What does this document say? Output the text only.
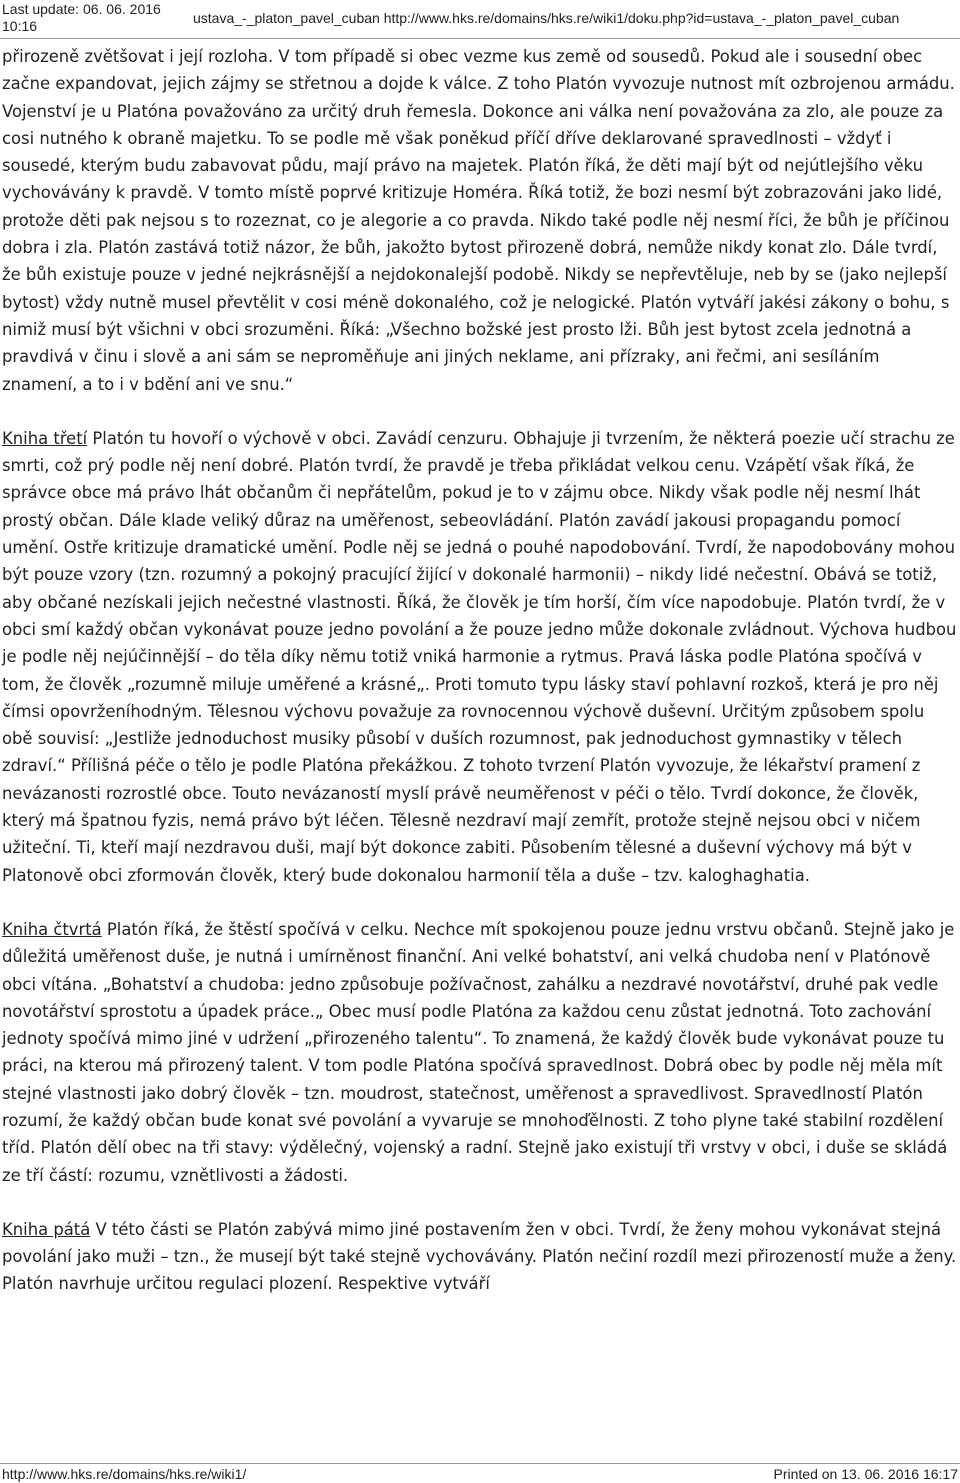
Last update: 06. 06. 2016
10:16	ustava_-_platon_pavel_cuban http://www.hks.re/domains/hks.re/wiki1/doku.php?id=ustava_-_platon_pavel_cuban

přirozeně zvětšovat i její rozloha. V tom případě si obec vezme kus země od sousedů. Pokud ale i sousední obec začne expandovat, jejich zájmy se střetnou a dojde k válce. Z toho Platón vyvozuje nutnost mít ozbrojenou armádu. Vojenství je u Platóna považováno za určitý druh řemesla. Dokonce ani válka není považována za zlo, ale pouze za cosi nutného k obraně majetku. To se podle mě však poněkud příčí dříve deklarované spravedlnosti – vždyť i sousedé, kterým budu zabavovat půdu, mají právo na majetek. Platón říká, že děti mají být od nejútlejšího věku vychovávány k pravdě. V tomto místě poprvé kritizuje Homéra. Říká totiž, že bozi nesmí být zobrazováni jako lidé, protože děti pak nejsou s to rozeznat, co je alegorie a co pravda. Nikdo také podle něj nesmí říci, že bůh je příčinou dobra i zla. Platón zastává totiž názor, že bůh, jakožto bytost přirozeně dobrá, nemůže nikdy konat zlo. Dále tvrdí, že bůh existuje pouze v jedné nejkrásnější a nejdokonalejší podobě. Nikdy se nepřevtěluje, neb by se (jako nejlepší bytost) vždy nutně musel převtělit v cosi méně dokonalého, což je nelogické. Platón vytváří jakési zákony o bohu, s nimiž musí být všichni v obci srozuměni. Říká: „Všechno božské jest prosto lži. Bůh jest bytost zcela jednotná a pravdivá v činu i slově a ani sám se neproměňuje ani jiných neklame, ani přízraky, ani řečmi, ani sesíláním znamení, a to i v bdění ani ve snu.“

Kniha třetí Platón tu hovoří o výchově v obci. Zavádí cenzuru. Obhajuje ji tvrzením, že některá poezie učí strachu ze smrti, což prý podle něj není dobré. Platón tvrdí, že pravdě je třeba přikládat velkou cenu. Vzápětí však říká, že správce obce má právo lhát občanům či nepřátelům, pokud je to v zájmu obce. Nikdy však podle něj nesmí lhát prostý občan. Dále klade veliký důraz na uměřenost, sebeovládání. Platón zavádí jakousi propagandu pomocí umění. Ostře kritizuje dramatické umění. Podle něj se jedná o pouhé napodobování. Tvrdí, že napodobovány mohou být pouze vzory (tzn. rozumný a pokojný pracující žijící v dokonalé harmonii) – nikdy lidé nečestní. Obává se totiž, aby občané nezískali jejich nečestné vlastnosti. Říká, že člověk je tím horší, čím více napodobuje. Platón tvrdí, že v obci smí každý občan vykonávat pouze jedno povolání a že pouze jedno může dokonale zvládnout. Výchova hudbou je podle něj nejúčinnější – do těla díky němu totiž vniká harmonie a rytmus. Pravá láska podle Platóna spočívá v tom, že člověk „rozumně miluje uměřené a krásné„. Proti tomuto typu lásky staví pohlavní rozkoš, která je pro něj čímsi opovrženíhodným. Tělesnou výchovu považuje za rovnocennou výchově duševní. Určitým způsobem spolu obě souvisí: „Jestliže jednoduchost musiky působí v duších rozumnost, pak jednoduchost gymnastiky v tělech zdraví.“ Přílišná péče o tělo je podle Platóna překážkou. Z tohoto tvrzení Platón vyvozuje, že lékařství pramení z nevázanosti rozrostlé obce. Touto nevázaností myslí právě neuměřenost v péči o tělo. Tvrdí dokonce, že člověk, který má špatnou fyzis, nemá právo být léčen. Tělesně nezdraví mají zemřít, protože stejně nejsou obci v ničem užiteční. Ti, kteří mají nezdravou duši, mají být dokonce zabiti. Působením tělesné a duševní výchovy má být v Platonově obci zformován člověk, který bude dokonalou harmonií těla a duše – tzv. kaloghaghatia.

Kniha čtvrtá Platón říká, že štěstí spočívá v celku. Nechce mít spokojenou pouze jednu vrstvu občanů. Stejně jako je důležitá uměřenost duše, je nutná i umírněnost finanční. Ani velké bohatství, ani velká chudoba není v Platónově obci vítána. „Bohatství a chudoba: jedno způsobuje požívačnost, zahálku a nezdravé novotářství, druhé pak vedle novotářství sprostotu a úpadek práce.„ Obec musí podle Platóna za každou cenu zůstat jednotná. Toto zachování jednoty spočívá mimo jiné v udržení „přirozeného talentu“. To znamená, že každý člověk bude vykonávat pouze tu práci, na kterou má přirozený talent. V tom podle Platóna spočívá spravedlnost. Dobrá obec by podle něj měla mít stejné vlastnosti jako dobrý člověk – tzn. moudrost, statečnost, uměřenost a spravedlivost. Spravedlností Platón rozumí, že každý občan bude konat své povolání a vyvaruje se mnohoďělnosti. Z toho plyne také stabilní rozdělení tříd. Platón dělí obec na tři stavy: výdělečný, vojenský a radní. Stejně jako existují tři vrstvy v obci, i duše se skládá ze tří částí: rozumu, vznětlivosti a žádosti.

Kniha pátá V této části se Platón zabývá mimo jiné postavením žen v obci. Tvrdí, že ženy mohou vykonávat stejná povolání jako muži – tzn., že musejí být také stejně vychovávány. Platón nečiní rozdíl mezi přirozeností muže a ženy. Platón navrhuje určitou regulaci plození. Respektive vytváří

http://www.hks.re/domains/hks.re/wiki1/	Printed on 13. 06. 2016 16:17
